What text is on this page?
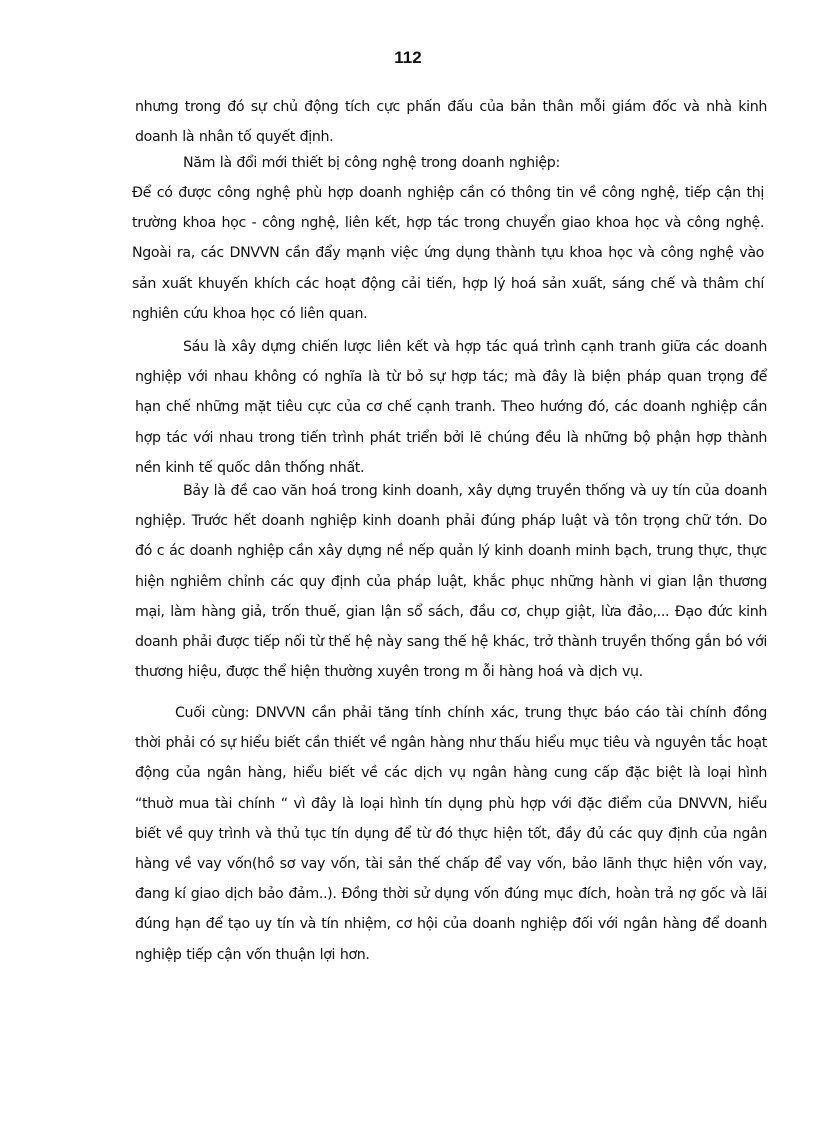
112

nhưng trong đó sự chủ động tích cực phấn đấu của bản thân mỗi giám đốc và nhà kinh doanh là nhân tố quyết định.

Năm là đổi mới thiết bị công nghệ trong doanh nghiệp:

Để có được công nghệ phù hợp doanh nghiệp cần có thông tin về công nghệ, tiếp cận thị trường khoa học - công nghệ, liên kết, hợp tác trong chuyển giao khoa học và công nghệ. Ngoài ra, các DNVVN cần đẩy mạnh việc ứng dụng thành tựu khoa học và công nghệ vào sản xuất khuyến khích các hoạt động cải tiến, hợp lý hoá sản xuất, sáng chế và thâm chí nghiên cứu khoa học có liên quan.

Sáu là xây dựng chiến lược liên kết và hợp tác quá trình cạnh tranh giữa các doanh nghiệp với nhau không có nghĩa là từ bỏ sự hợp tác; mà đây là biện pháp quan trọng để hạn chế những mặt tiêu cực của cơ chế cạnh tranh. Theo hướng đó, các doanh nghiệp cần hợp tác với nhau trong tiến trình phát triển bởi lẽ chúng đều là những bộ phận hợp thành nền kinh tế quốc dân thống nhất.

Bảy là đề cao văn hoá trong kinh doanh, xây dựng truyền thống và uy tín của doanh nghiệp. Trước hết doanh nghiệp kinh doanh phải đúng pháp luật và tôn trọng chữ tớn. Do đó c ác doanh nghiệp cần xây dựng nề nếp quản lý kinh doanh minh bạch, trung thực, thực hiện nghiêm chỉnh các quy định của pháp luật, khắc phục những hành vi gian lận thương mại, làm hàng giả, trốn thuế, gian lận sổ sách, đầu cơ, chụp giật, lừa đảo,... Đạo đức kinh doanh phải được tiếp nối từ thế hệ này sang thế hệ khác, trở thành truyền thống gắn bó với thương hiệu, được thể hiện thường xuyên trong m ỗi hàng hoá và dịch vụ.

Cuối cùng: DNVVN cần phải tăng tính chính xác, trung thực báo cáo tài chính đồng thời phải có sự hiểu biết cần thiết về ngân hàng như thấu hiểu mục tiêu và nguyên tắc hoạt động của ngân hàng, hiểu biết về các dịch vụ ngân hàng cung cấp đặc biệt là loại hình “thuờ mua tài chính “ vì đây là loại hình tín dụng phù hợp với đặc điểm của DNVVN, hiểu biết về quy trình và thủ tục tín dụng để từ đó thực hiện tốt, đầy đủ các quy định của ngân hàng về vay vốn(hồ sơ vay vốn, tài sản thế chấp để vay vốn, bảo lãnh thực hiện vốn vay, đang kí giao dịch bảo đảm..). Đồng thời sử dụng vốn đúng mục đích, hoàn trả nợ gốc và lãi đúng hạn để tạo uy tín và tín nhiệm, cơ hội của doanh nghiệp đối với ngân hàng để doanh nghiệp tiếp cận vốn thuận lợi hơn.
